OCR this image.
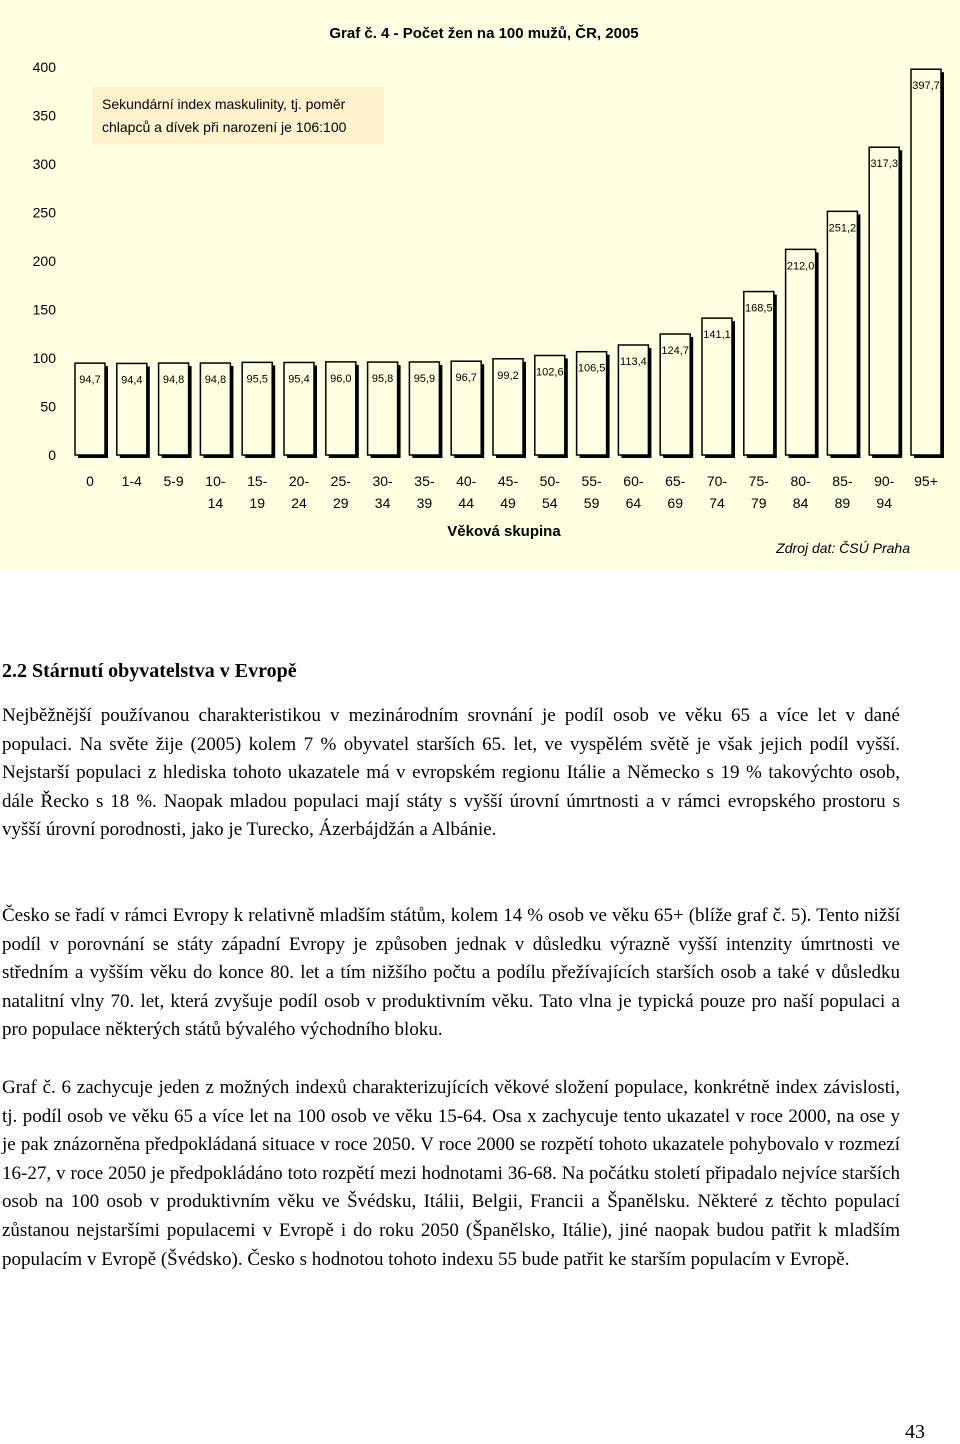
Graf č. 4 - Počet žen na 100 mužů, ČR, 2005
0
50
100
150
200
250
300
350
400
Sekundární index maskulinity, tj. poměr
chlapců a dívek při narození je 106:100
94,7 94,4 94,8 94,8 95,5 95,4 96,0 95,8 95,9 96,7 99,2 102,6 106,5
113,4
124,7
141,1
168,5
212,0
251,2
317,3
397,7
0 1-4 5-9 10-
14
15-
19
20-
24
25-
29
30-
34
35-
39
40-
44
45-
49
50-
54
55-
59
60-
64
65-
69
70-
74
75-
79
80-
84
85-
89
90-
94
95+
Věková skupina
Zdroj dat: ČSÚ Praha
2.2 Stárnutí obyvatelstva v Evropě

Nejběžnější používanou charakteristikou v mezinárodním srovnání je podíl osob ve věku 65 a více let v dané populaci. Na světe žije (2005) kolem 7 % obyvatel starších 65. let, ve vyspělém světě je však jejich podíl vyšší. Nejstarší populaci z hlediska tohoto ukazatele má v evropském regionu Itálie a Německo s 19 % takovýchto osob, dále Řecko s 18 %. Naopak mladou populaci mají státy s vyšší úrovní úmrtnosti a v rámci evropského prostoru s vyšší úrovní porodnosti, jako je Turecko, Ázerbájdžán a Albánie.

Česko se řadí v rámci Evropy k relativně mladším státům, kolem 14 % osob ve věku 65+ (blíže graf č. 5). Tento nižší podíl v porovnání se státy západní Evropy je způsoben jednak v důsledku výrazně vyšší intenzity úmrtnosti ve středním a vyšším věku do konce 80. let a tím nižšího počtu a podílu přežívajících starších osob a také v důsledku natalitní vlny 70. let, která zvyšuje podíl osob v produktivním věku. Tato vlna je typická pouze pro naší populaci a pro populace některých států bývalého východního bloku.

Graf č. 6 zachycuje jeden z možných indexů charakterizujících věkové složení populace, konkrétně index závislosti, tj. podíl osob ve věku 65 a více let na 100 osob ve věku 15-64. Osa x zachycuje tento ukazatel v roce 2000, na ose y je pak znázorněna předpokládaná situace v roce 2050. V roce 2000 se rozpětí tohoto ukazatele pohybovalo v rozmezí 16-27, v roce 2050 je předpokládáno toto rozpětí mezi hodnotami 36-68. Na počátku století připadalo nejvíce starších osob na 100 osob v produktivním věku ve Švédsku, Itálii, Belgii, Francii a Španělsku. Některé z těchto populací zůstanou nejstaršími populacemi v Evropě i do roku 2050 (Španělsko, Itálie), jiné naopak budou patřit k mladším populacím v Evropě (Švédsko). Česko s hodnotou tohoto indexu 55 bude patřit ke starším populacím v Evropě.

43
